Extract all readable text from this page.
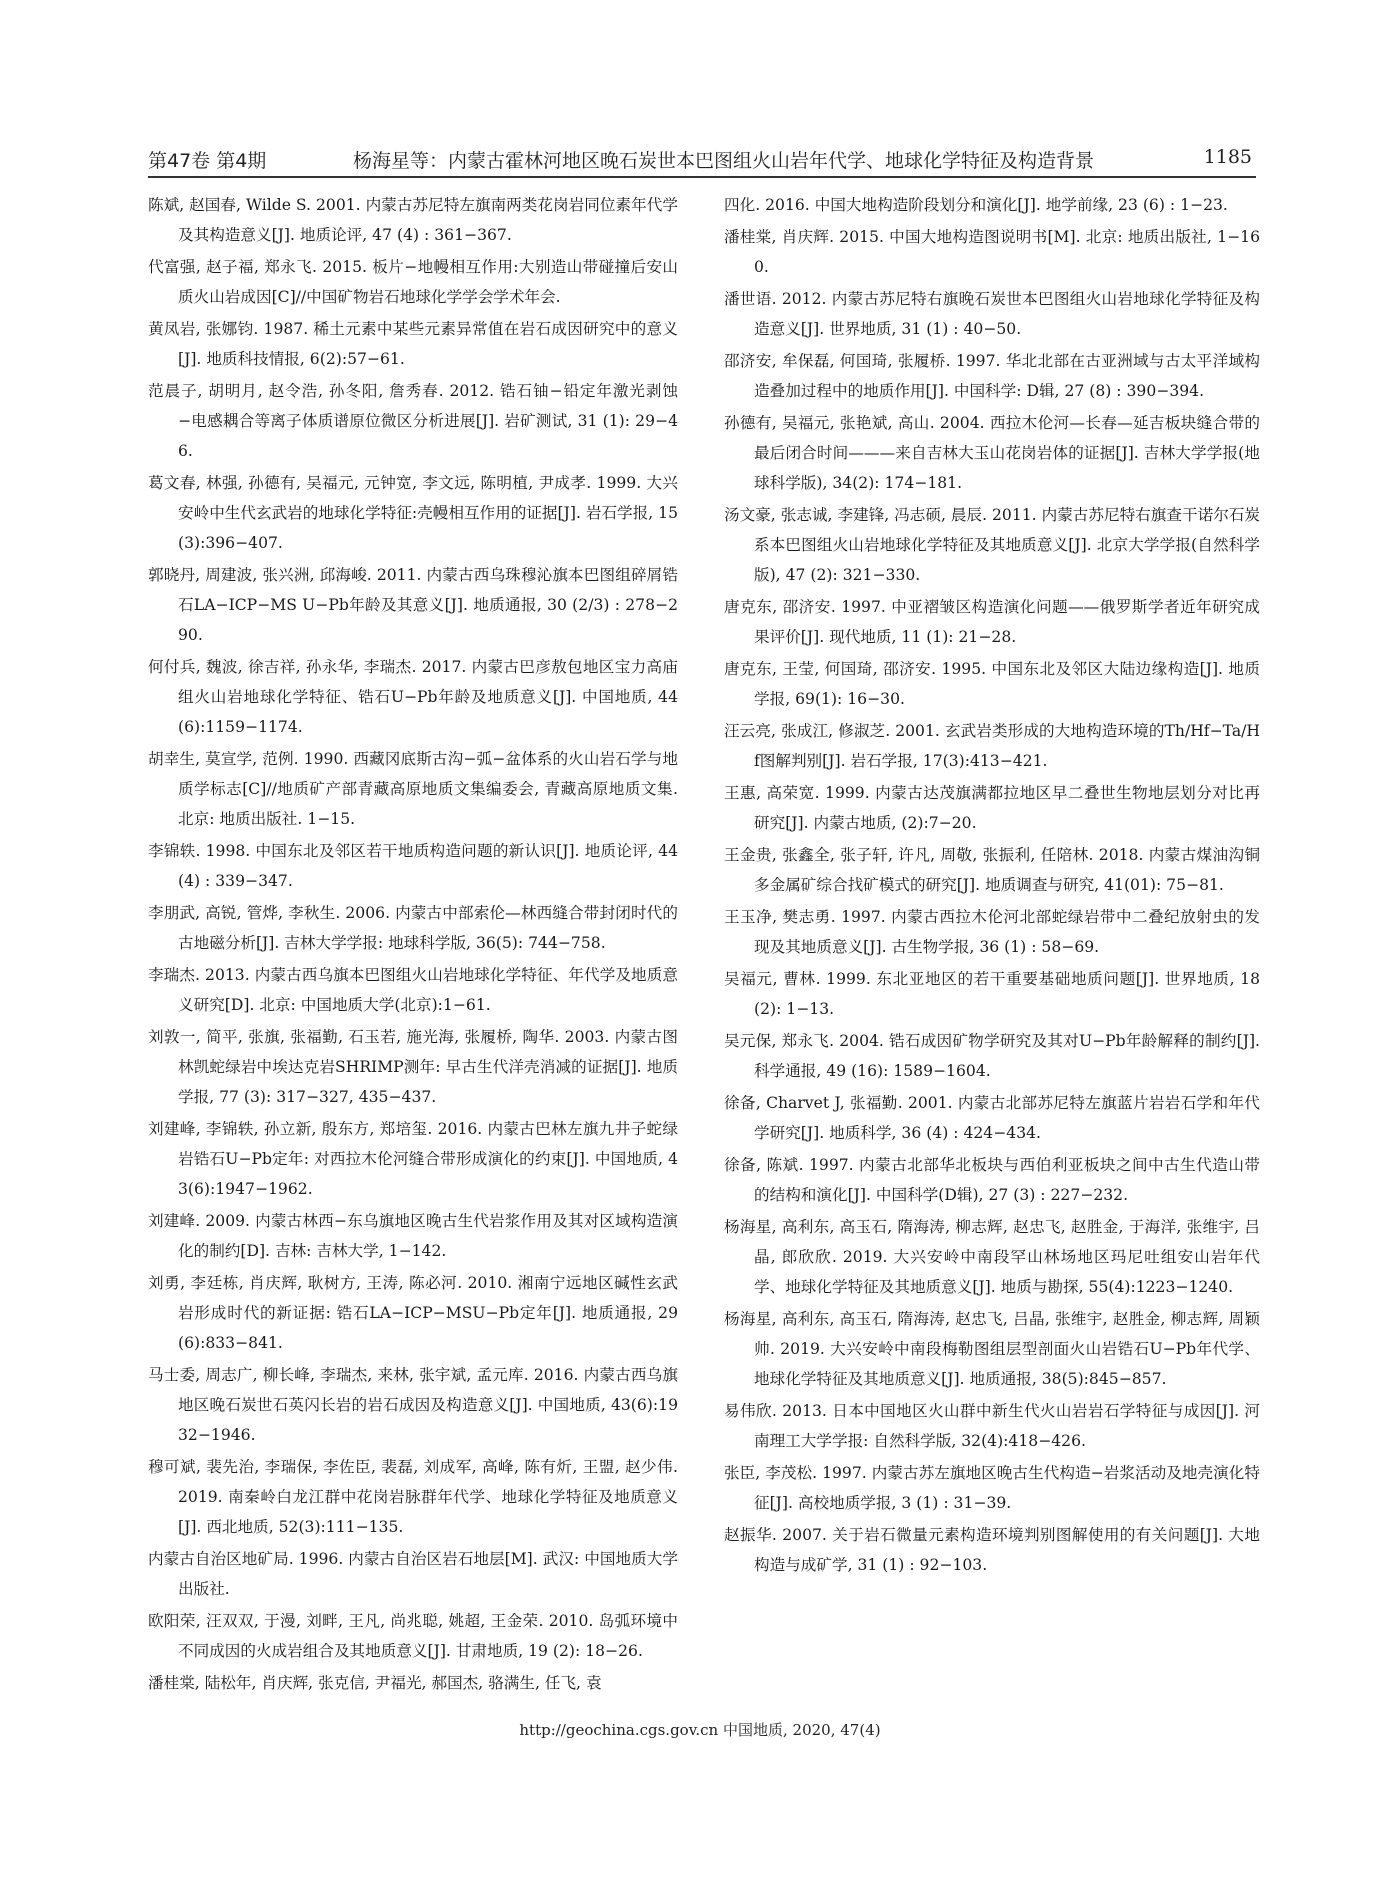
第47卷 第4期	杨海星等：内蒙古霍林河地区晚石炭世本巴图组火山岩年代学、地球化学特征及构造背景	1185

陈斌, 赵国春, Wilde S. 2001. 内蒙古苏尼特左旗南两类花岗岩同位素年代学及其构造意义[J]. 地质论评, 47 (4) : 361−367.

代富强, 赵子福, 郑永飞. 2015. 板片−地幔相互作用:大别造山带碰撞后安山质火山岩成因[C]//中国矿物岩石地球化学学会学术年会.

黄凤岩, 张娜钧. 1987. 稀土元素中某些元素异常值在岩石成因研究中的意义[J]. 地质科技情报, 6(2):57−61.

范晨子, 胡明月, 赵令浩, 孙冬阳, 詹秀春. 2012. 锆石铀−铅定年激光剥蚀−电感耦合等离子体质谱原位微区分析进展[J]. 岩矿测试, 31 (1): 29−46.

葛文春, 林强, 孙德有, 吴福元, 元钟宽, 李文远, 陈明植, 尹成孝. 1999. 大兴安岭中生代玄武岩的地球化学特征:壳幔相互作用的证据[J]. 岩石学报, 15(3):396−407.

郭晓丹, 周建波, 张兴洲, 邱海峻. 2011. 内蒙古西乌珠穆沁旗本巴图组碎屑锆石LA−ICP−MS U−Pb年龄及其意义[J]. 地质通报, 30 (2/3) : 278−290.

何付兵, 魏波, 徐吉祥, 孙永华, 李瑞杰. 2017. 内蒙古巴彦敖包地区宝力高庙组火山岩地球化学特征、锆石U−Pb年龄及地质意义[J]. 中国地质, 44(6):1159−1174.

胡幸生, 莫宣学, 范例. 1990. 西藏冈底斯古沟−弧−盆体系的火山岩石学与地质学标志[C]//地质矿产部青藏高原地质文集编委会, 青藏高原地质文集. 北京: 地质出版社. 1−15.

李锦轶. 1998. 中国东北及邻区若干地质构造问题的新认识[J]. 地质论评, 44 (4) : 339−347.

李朋武, 高锐, 管烨, 李秋生. 2006. 内蒙古中部索伦—林西缝合带封闭时代的古地磁分析[J]. 吉林大学学报: 地球科学版, 36(5): 744−758.

李瑞杰. 2013. 内蒙古西乌旗本巴图组火山岩地球化学特征、年代学及地质意义研究[D]. 北京: 中国地质大学(北京):1−61.

刘敦一, 简平, 张旗, 张福勤, 石玉若, 施光海, 张履桥, 陶华. 2003. 内蒙古图林凯蛇绿岩中埃达克岩SHRIMP测年: 早古生代洋壳消减的证据[J]. 地质学报, 77 (3): 317−327, 435−437.

刘建峰, 李锦轶, 孙立新, 殷东方, 郑培玺. 2016. 内蒙古巴林左旗九井子蛇绿岩锆石U−Pb定年: 对西拉木伦河缝合带形成演化的约束[J]. 中国地质, 43(6):1947−1962.

刘建峰. 2009. 内蒙古林西−东乌旗地区晚古生代岩浆作用及其对区域构造演化的制约[D]. 吉林: 吉林大学, 1−142.

刘勇, 李廷栋, 肖庆辉, 耿树方, 王涛, 陈必河. 2010. 湘南宁远地区碱性玄武岩形成时代的新证据: 锆石LA−ICP−MSU−Pb定年[J]. 地质通报, 29(6):833−841.

马士委, 周志广, 柳长峰, 李瑞杰, 来林, 张宇斌, 孟元库. 2016. 内蒙古西乌旗地区晚石炭世石英闪长岩的岩石成因及构造意义[J]. 中国地质, 43(6):1932−1946.

穆可斌, 裴先治, 李瑞保, 李佐臣, 裴磊, 刘成军, 高峰, 陈有炘, 王盟, 赵少伟. 2019. 南秦岭白龙江群中花岗岩脉群年代学、地球化学特征及地质意义[J]. 西北地质, 52(3):111−135.

内蒙古自治区地矿局. 1996. 内蒙古自治区岩石地层[M]. 武汉: 中国地质大学出版社.

欧阳荣, 汪双双, 于漫, 刘畔, 王凡, 尚兆聪, 姚超, 王金荣. 2010. 岛弧环境中不同成因的火成岩组合及其地质意义[J]. 甘肃地质, 19 (2): 18−26.

潘桂棠, 陆松年, 肖庆辉, 张克信, 尹福光, 郝国杰, 骆满生, 任飞, 袁

四化. 2016. 中国大地构造阶段划分和演化[J]. 地学前缘, 23 (6) : 1−23.

潘桂棠, 肖庆辉. 2015. 中国大地构造图说明书[M]. 北京: 地质出版社, 1−160.

潘世语. 2012. 内蒙古苏尼特右旗晚石炭世本巴图组火山岩地球化学特征及构造意义[J]. 世界地质, 31 (1) : 40−50.

邵济安, 牟保磊, 何国琦, 张履桥. 1997. 华北北部在古亚洲域与古太平洋域构造叠加过程中的地质作用[J]. 中国科学: D辑, 27 (8) : 390−394.

孙德有, 吴福元, 张艳斌, 高山. 2004. 西拉木伦河—长春—延吉板块缝合带的最后闭合时间———来自吉林大玉山花岗岩体的证据[J]. 吉林大学学报(地球科学版), 34(2): 174−181.

汤文豪, 张志诚, 李建锋, 冯志硕, 晨辰. 2011. 内蒙古苏尼特右旗查干诺尔石炭系本巴图组火山岩地球化学特征及其地质意义[J]. 北京大学学报(自然科学版), 47 (2): 321−330.

唐克东, 邵济安. 1997. 中亚褶皱区构造演化问题——俄罗斯学者近年研究成果评价[J]. 现代地质, 11 (1): 21−28.

唐克东, 王莹, 何国琦, 邵济安. 1995. 中国东北及邻区大陆边缘构造[J]. 地质学报, 69(1): 16−30.

汪云亮, 张成江, 修淑芝. 2001. 玄武岩类形成的大地构造环境的Th/Hf−Ta/Hf图解判别[J]. 岩石学报, 17(3):413−421.

王惠, 高荣宽. 1999. 内蒙古达茂旗满都拉地区早二叠世生物地层划分对比再研究[J]. 内蒙古地质, (2):7−20.

王金贵, 张鑫全, 张子轩, 许凡, 周敬, 张振利, 任陪林. 2018. 内蒙古煤油沟铜多金属矿综合找矿模式的研究[J]. 地质调查与研究, 41(01): 75−81.

王玉净, 樊志勇. 1997. 内蒙古西拉木伦河北部蛇绿岩带中二叠纪放射虫的发现及其地质意义[J]. 古生物学报, 36 (1) : 58−69.

吴福元, 曹林. 1999. 东北亚地区的若干重要基础地质问题[J]. 世界地质, 18 (2): 1−13.

吴元保, 郑永飞. 2004. 锆石成因矿物学研究及其对U−Pb年龄解释的制约[J]. 科学通报, 49 (16): 1589−1604.

徐备, Charvet J, 张福勤. 2001. 内蒙古北部苏尼特左旗蓝片岩岩石学和年代学研究[J]. 地质科学, 36 (4) : 424−434.

徐备, 陈斌. 1997. 内蒙古北部华北板块与西伯利亚板块之间中古生代造山带的结构和演化[J]. 中国科学(D辑), 27 (3) : 227−232.

杨海星, 高利东, 高玉石, 隋海涛, 柳志辉, 赵忠飞, 赵胜金, 于海洋, 张维宇, 吕晶, 郎欣欣. 2019. 大兴安岭中南段罕山林场地区玛尼吐组安山岩年代学、地球化学特征及其地质意义[J]. 地质与勘探, 55(4):1223−1240.

杨海星, 高利东, 高玉石, 隋海涛, 赵忠飞, 吕晶, 张维宇, 赵胜金, 柳志辉, 周颖帅. 2019. 大兴安岭中南段梅勒图组层型剖面火山岩锆石U−Pb年代学、地球化学特征及其地质意义[J]. 地质通报, 38(5):845−857.

易伟欣. 2013. 日本中国地区火山群中新生代火山岩岩石学特征与成因[J]. 河南理工大学学报: 自然科学版, 32(4):418−426.

张臣, 李茂松. 1997. 内蒙古苏左旗地区晚古生代构造−岩浆活动及地壳演化特征[J]. 高校地质学报, 3 (1) : 31−39.

赵振华. 2007. 关于岩石微量元素构造环境判别图解使用的有关问题[J]. 大地构造与成矿学, 31 (1) : 92−103.

http://geochina.cgs.gov.cn 中国地质, 2020, 47(4)
